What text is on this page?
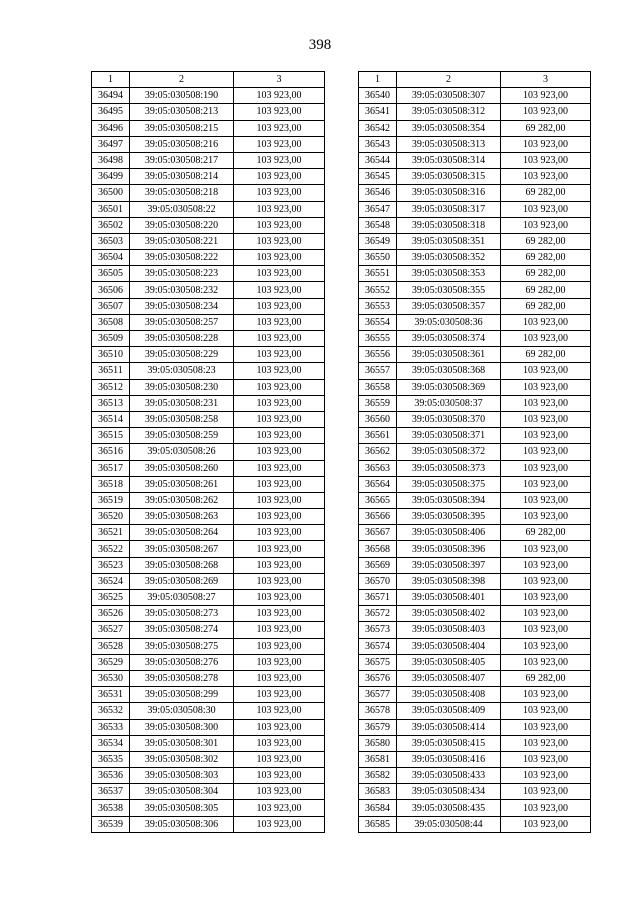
398
1	2	3
36494	39:05:030508:190	103 923,00
36495	39:05:030508:213	103 923,00
36496	39:05:030508:215	103 923,00
36497	39:05:030508:216	103 923,00
36498	39:05:030508:217	103 923,00
36499	39:05:030508:214	103 923,00
36500	39:05:030508:218	103 923,00
36501	39:05:030508:22	103 923,00
36502	39:05:030508:220	103 923,00
36503	39:05:030508:221	103 923,00
36504	39:05:030508:222	103 923,00
36505	39:05:030508:223	103 923,00
36506	39:05:030508:232	103 923,00
36507	39:05:030508:234	103 923,00
36508	39:05:030508:257	103 923,00
36509	39:05:030508:228	103 923,00
36510	39:05:030508:229	103 923,00
36511	39:05:030508:23	103 923,00
36512	39:05:030508:230	103 923,00
36513	39:05:030508:231	103 923,00
36514	39:05:030508:258	103 923,00
36515	39:05:030508:259	103 923,00
36516	39:05:030508:26	103 923,00
36517	39:05:030508:260	103 923,00
36518	39:05:030508:261	103 923,00
36519	39:05:030508:262	103 923,00
36520	39:05:030508:263	103 923,00
36521	39:05:030508:264	103 923,00
36522	39:05:030508:267	103 923,00
36523	39:05:030508:268	103 923,00
36524	39:05:030508:269	103 923,00
36525	39:05:030508:27	103 923,00
36526	39:05:030508:273	103 923,00
36527	39:05:030508:274	103 923,00
36528	39:05:030508:275	103 923,00
36529	39:05:030508:276	103 923,00
36530	39:05:030508:278	103 923,00
36531	39:05:030508:299	103 923,00
36532	39:05:030508:30	103 923,00
36533	39:05:030508:300	103 923,00
36534	39:05:030508:301	103 923,00
36535	39:05:030508:302	103 923,00
36536	39:05:030508:303	103 923,00
36537	39:05:030508:304	103 923,00
36538	39:05:030508:305	103 923,00
36539	39:05:030508:306	103 923,00
1	2	3
36540	39:05:030508:307	103 923,00
36541	39:05:030508:312	103 923,00
36542	39:05:030508:354	69 282,00
36543	39:05:030508:313	103 923,00
36544	39:05:030508:314	103 923,00
36545	39:05:030508:315	103 923,00
36546	39:05:030508:316	69 282,00
36547	39:05:030508:317	103 923,00
36548	39:05:030508:318	103 923,00
36549	39:05:030508:351	69 282,00
36550	39:05:030508:352	69 282,00
36551	39:05:030508:353	69 282,00
36552	39:05:030508:355	69 282,00
36553	39:05:030508:357	69 282,00
36554	39:05:030508:36	103 923,00
36555	39:05:030508:374	103 923,00
36556	39:05:030508:361	69 282,00
36557	39:05:030508:368	103 923,00
36558	39:05:030508:369	103 923,00
36559	39:05:030508:37	103 923,00
36560	39:05:030508:370	103 923,00
36561	39:05:030508:371	103 923,00
36562	39:05:030508:372	103 923,00
36563	39:05:030508:373	103 923,00
36564	39:05:030508:375	103 923,00
36565	39:05:030508:394	103 923,00
36566	39:05:030508:395	103 923,00
36567	39:05:030508:406	69 282,00
36568	39:05:030508:396	103 923,00
36569	39:05:030508:397	103 923,00
36570	39:05:030508:398	103 923,00
36571	39:05:030508:401	103 923,00
36572	39:05:030508:402	103 923,00
36573	39:05:030508:403	103 923,00
36574	39:05:030508:404	103 923,00
36575	39:05:030508:405	103 923,00
36576	39:05:030508:407	69 282,00
36577	39:05:030508:408	103 923,00
36578	39:05:030508:409	103 923,00
36579	39:05:030508:414	103 923,00
36580	39:05:030508:415	103 923,00
36581	39:05:030508:416	103 923,00
36582	39:05:030508:433	103 923,00
36583	39:05:030508:434	103 923,00
36584	39:05:030508:435	103 923,00
36585	39:05:030508:44	103 923,00
